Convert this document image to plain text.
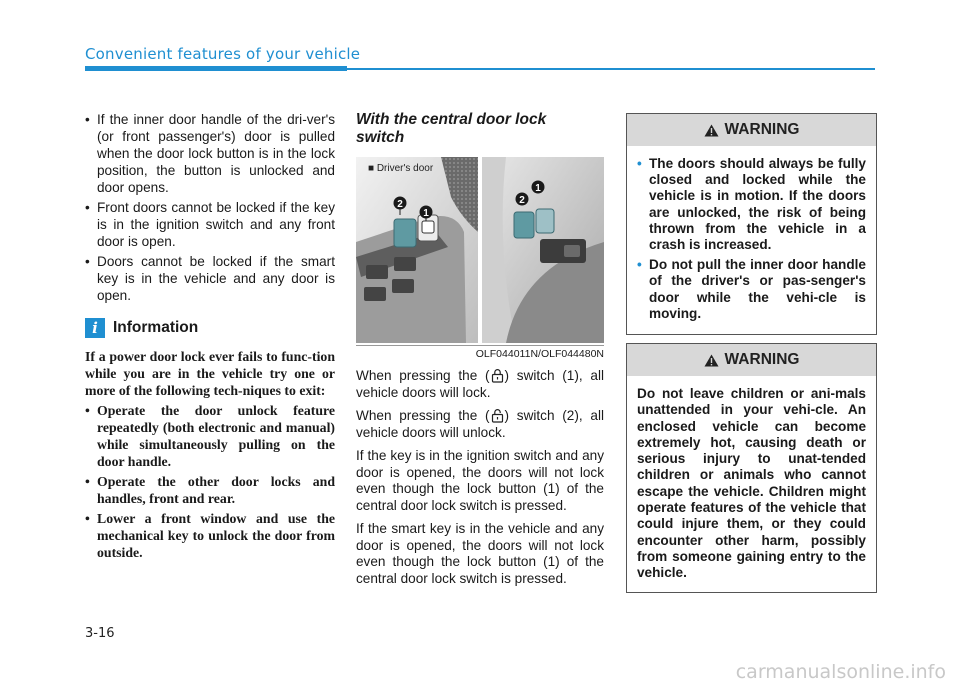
Convenient features of your vehicle
• If the inner door handle of the dri-ver's (or front passenger's) door is pulled when the door lock button is in the lock position, the button is unlocked and door opens.
• Front doors cannot be locked if the key is in the ignition switch and any front door is open.
• Doors cannot be locked if the smart key is in the vehicle and any door is open.
i Information

If a power door lock ever fails to func-tion while you are in the vehicle try one or more of the following tech-niques to exit:

• Operate the door unlock feature repeatedly (both electronic and manual) while simultaneously pulling on the door handle.
• Operate the other door locks and handles, front and rear.
• Lower a front window and use the mechanical key to unlock the door from outside.
With the central door lock switch
■ Driver's door
2
1
2
1
OLF044011N/OLF044480N

When pressing the ( ) switch (1), all vehicle doors will lock.

When pressing the ( ) switch (2), all vehicle doors will unlock.

If the key is in the ignition switch and any door is opened, the doors will not lock even though the lock button (1) of the central door lock switch is pressed.

If the smart key is in the vehicle and any door is opened, the doors will not lock even though the lock button (1) of the central door lock switch is pressed.

WARNING
• The doors should always be fully closed and locked while the vehicle is in motion. If the doors are unlocked, the risk of being thrown from the vehicle in a crash is increased.
• Do not pull the inner door handle of the driver's or pas-senger's door while the vehi-cle is moving.
WARNING

Do not leave children or ani-mals unattended in your vehi-cle. An enclosed vehicle can become extremely hot, causing death or serious injury to unat-tended children or animals who cannot escape the vehicle. Children might operate features of the vehicle that could injure them, or they could encounter other harm, possibly from someone gaining entry to the vehicle.

3-16
carmanualsonline.info
